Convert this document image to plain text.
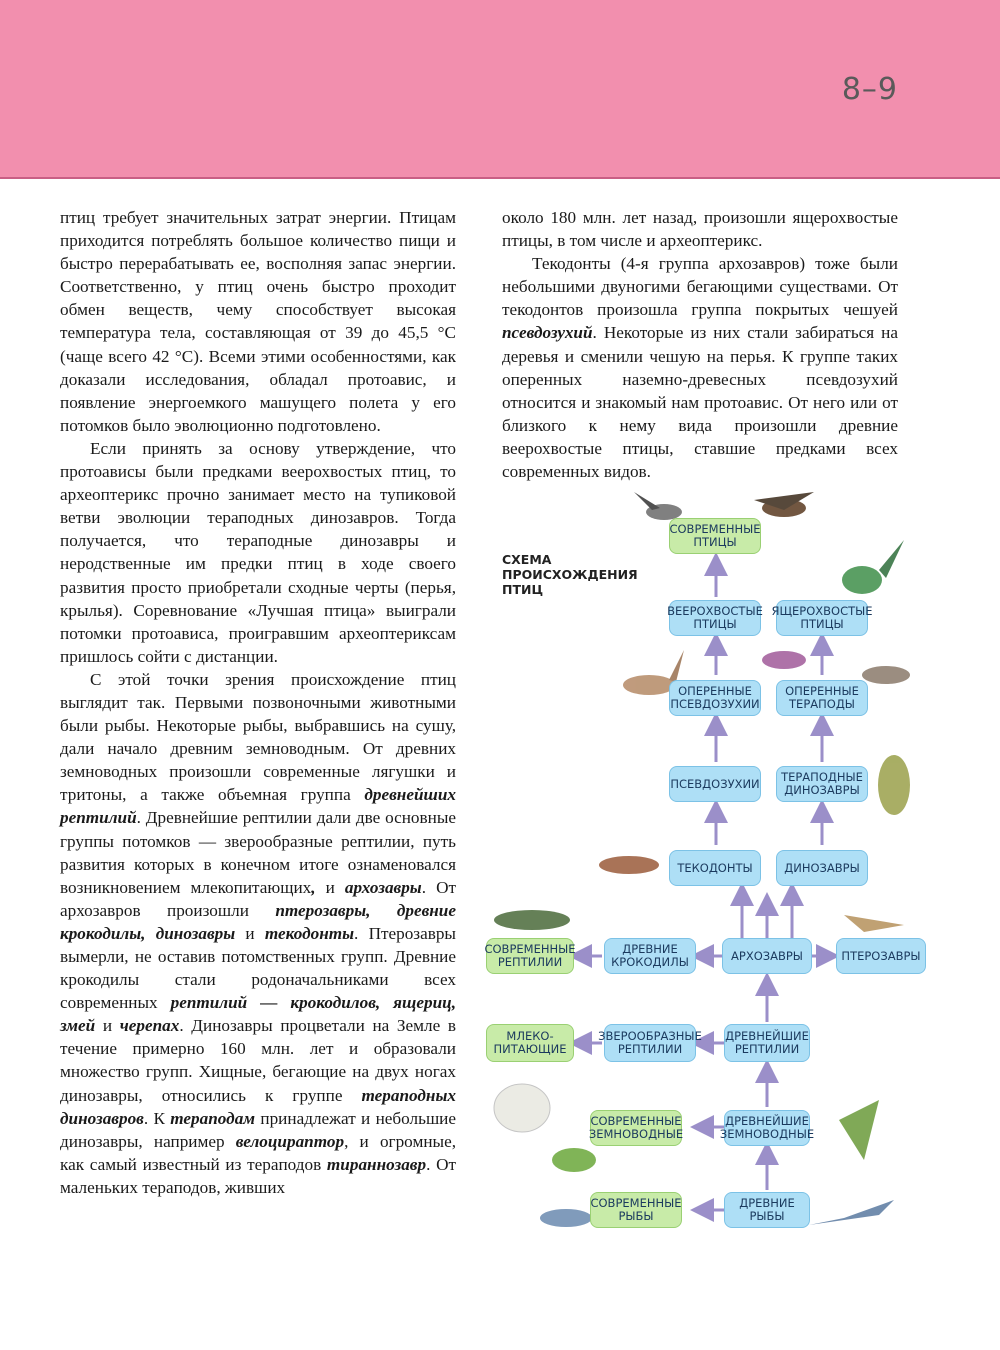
8–9

птиц требует значительных затрат энергии. Птицам приходится потреблять большое количество пищи и быстро перерабатывать ее, восполняя запас энергии. Соответственно, у птиц очень быстро проходит обмен веществ, чему способствует высокая температура тела, составляющая от 39 до 45,5 °С (чаще всего 42 °С). Всеми этими особенностями, как доказали исследования, обладал протоавис, и появление энергоемкого машущего полета у его потомков было эволюционно подготовлено.

Если принять за основу утверждение, что протоависы были предками веерохвостых птиц, то археоптерикс прочно занимает место на тупиковой ветви эволюции тераподных динозавров. Тогда получается, что тераподные динозавры и неродственные им предки птиц в ходе своего развития просто приобретали сходные черты (перья, крылья). Соревнование «Лучшая птица» выиграли потомки протоависа, проигравшим археоптериксам пришлось сойти с дистанции.

С этой точки зрения происхождение птиц выглядит так. Первыми позвоночными животными были рыбы. Некоторые рыбы, выбравшись на сушу, дали начало древним земноводным. От древних земноводных произошли современные лягушки и тритоны, а также объемная группа древнейших рептилий. Древнейшие рептилии дали две основные группы потомков — зверообразные рептилии, путь развития которых в конечном итоге ознаменовался возникновением млекопитающих, и архозавры. От архозавров произошли птерозавры, древние крокодилы, динозавры и текодонты. Птерозавры вымерли, не оставив потомственных групп. Древние крокодилы стали родоначальниками всех современных рептилий — крокодилов, ящериц, змей и черепах. Динозавры процветали на Земле в течение примерно 160 млн. лет и образовали множество групп. Хищные, бегающие на двух ногах динозавры, относились к группе тераподных динозавров. К терaподам принадлежат и небольшие динозавры, например велоцираптор, и огромные, как самый известный из терaподов тираннозавр. От маленьких терaподов, живших

около 180 млн. лет назад, произошли ящерохвостые птицы, в том числе и археоптерикс.

Текодонты (4-я группа архозавров) тоже были небольшими двуногими бегающими существами. От текодонтов произошла группа покрытых чешуей псевдозухий. Некоторые из них стали забираться на деревья и сменили чешую на перья. К группе таких оперенных наземно-древесных псевдозухий относится и знакомый нам протоавис. От него или от близкого к нему вида произошли древние веерохвостые птицы, ставшие предками всех современных видов.

СХЕМА
ПРОИСХОЖДЕНИЯ
ПТИЦ
СОВРЕМЕННЫЕ ПТИЦЫ
ВЕЕРОХВОСТЫЕ ПТИЦЫ
ЯЩЕРОХВОСТЫЕ ПТИЦЫ
ОПЕРЕННЫЕ ПСЕВДОЗУХИИ
ОПЕРЕННЫЕ ТЕРАПОДЫ
ПСЕВДОЗУХИИ	ТЕРАПОДНЫЕ ДИНОЗАВРЫ
ТЕКОДОНТЫ	ДИНОЗАВРЫ
СОВРЕМЕННЫЕ РЕПТИЛИИ
ДРЕВНИЕ КРОКОДИЛЫ	АРХОЗАВРЫ	ПТЕРОЗАВРЫ
МЛЕКО-ПИТАЮЩИЕ
ЗВЕРООБРАЗНЫЕ РЕПТИЛИИ
ДРЕВНЕЙШИЕ РЕПТИЛИИ
СОВРЕМЕННЫЕ ЗЕМНОВОДНЫЕ
ДРЕВНЕЙШИЕ ЗЕМНОВОДНЫЕ
СОВРЕМЕННЫЕ РЫБЫ
ДРЕВНИЕ РЫБЫ
